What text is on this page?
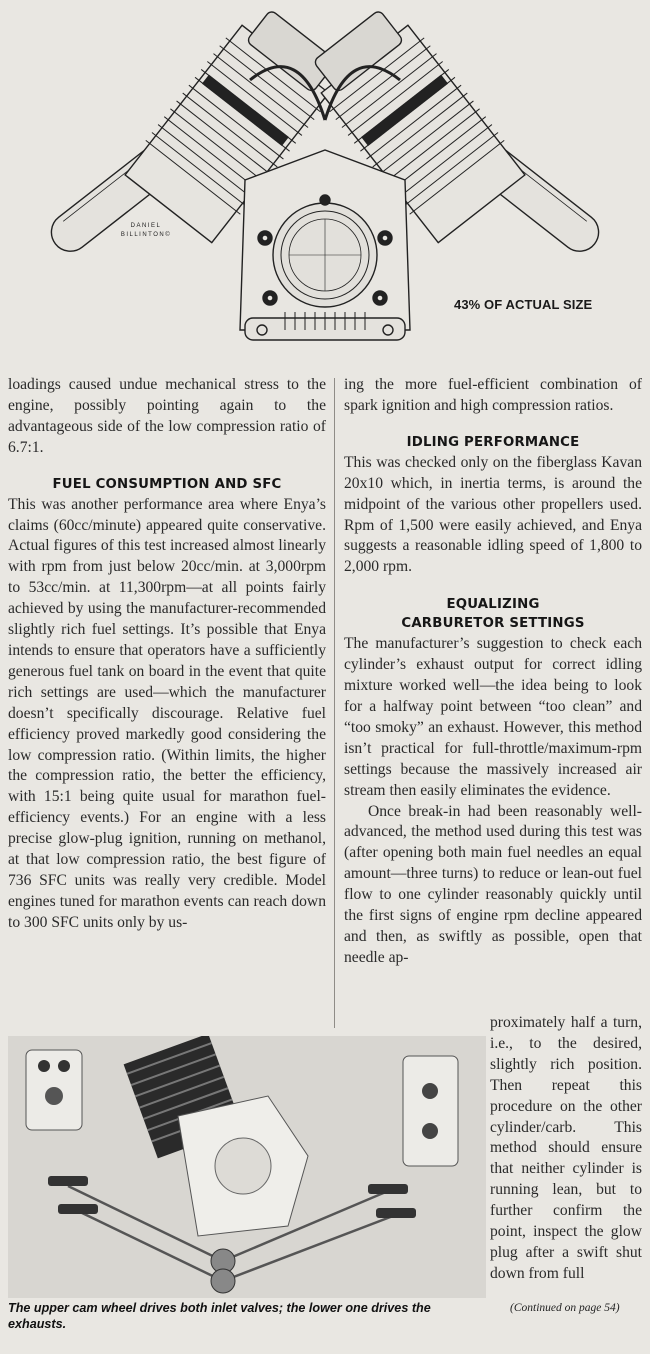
DANIEL
BILLINTON©
43% OF ACTUAL SIZE

loadings caused undue mechanical stress to the engine, possibly pointing again to the advantageous side of the low compression ratio of 6.7:1.

FUEL CONSUMPTION AND SFC

This was another performance area where Enya’s claims (60cc/minute) appeared quite conservative. Actual figures of this test increased almost linearly with rpm from just below 20cc/min. at 3,000rpm to 53cc/min. at 11,300rpm—at all points fairly achieved by using the manufacturer-recommended slightly rich fuel settings. It’s possible that Enya intends to ensure that operators have a sufficiently generous fuel tank on board in the event that quite rich settings are used—which the manufacturer doesn’t specifically discourage. Relative fuel efficiency proved markedly good considering the low compression ratio. (Within limits, the higher the compression ratio, the better the efficiency, with 15:1 being quite usual for marathon fuel-efficiency events.) For an engine with a less precise glow-plug ignition, running on methanol, at that low compression ratio, the best figure of 736 SFC units was really very credible. Model engines tuned for marathon events can reach down to 300 SFC units only by us-

ing the more fuel-efficient combination of spark ignition and high compression ratios.

IDLING PERFORMANCE

This was checked only on the fiberglass Kavan 20x10 which, in inertia terms, is around the midpoint of the various other propellers used. Rpm of 1,500 were easily achieved, and Enya suggests a reasonable idling speed of 1,800 to 2,000 rpm.

EQUALIZING
CARBURETOR SETTINGS

The manufacturer’s suggestion to check each cylinder’s exhaust output for correct idling mixture worked well—the idea being to look for a halfway point between “too clean” and “too smoky” an exhaust. However, this method isn’t practical for full-throttle/maximum-rpm settings because the massively increased air stream then easily eliminates the evidence.

Once break-in had been reasonably well-advanced, the method used during this test was (after opening both main fuel needles an equal amount—three turns) to reduce or lean-out fuel flow to one cylinder reasonably quickly until the first signs of engine rpm decline appeared and then, as swiftly as possible, open that needle ap-

proximately half a turn, i.e., to the desired, slightly rich position. Then repeat this procedure on the other cylinder/carb. This method should ensure that neither cylinder is running lean, but to further confirm the point, inspect the glow plug after a swift shut down from full
The upper cam wheel drives both inlet valves; the lower one drives the exhausts.
(Continued on page 54)
